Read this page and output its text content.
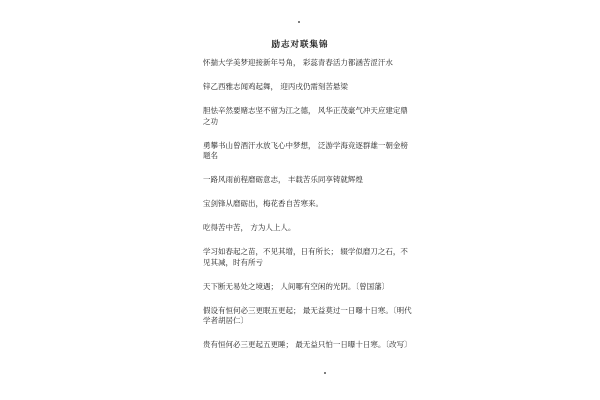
励志对联集锦

怀揣大学美梦迎接新年号角， 彩蕊青春活力都涵苦涩汗水

锌乙西雅志闻鸡起舞， 迎丙戌仍需刻苦悬梁

胆怯辛然要赌志坚不留为江之德， 风华正茂豪气冲天应建定鼎之功

勇攀书山曾酒汗水放飞心中梦想， 泛游学海竞逐群雄一朝金榜题名

一路风雨前程磨砺意志， 丰载苦乐同享铸就辉煌

宝剑锋从磨砺出，梅花香自苦寒来。

吃得苦中苦， 方为人上人。

学习如春起之苗，不见其增，日有所长； 辍学似磨刀之石，不见其减，时有所亏

天下断无易处之境遇； 人间哪有空闲的光阴。〔曾国藩〕

假设有恒何必三更眠五更起； 最无益莫过一日曝十日寒。〔明代学者胡居仁〕

贵有恒何必三更起五更睡； 最无益只怕一日曝十日寒。〔改写〕
